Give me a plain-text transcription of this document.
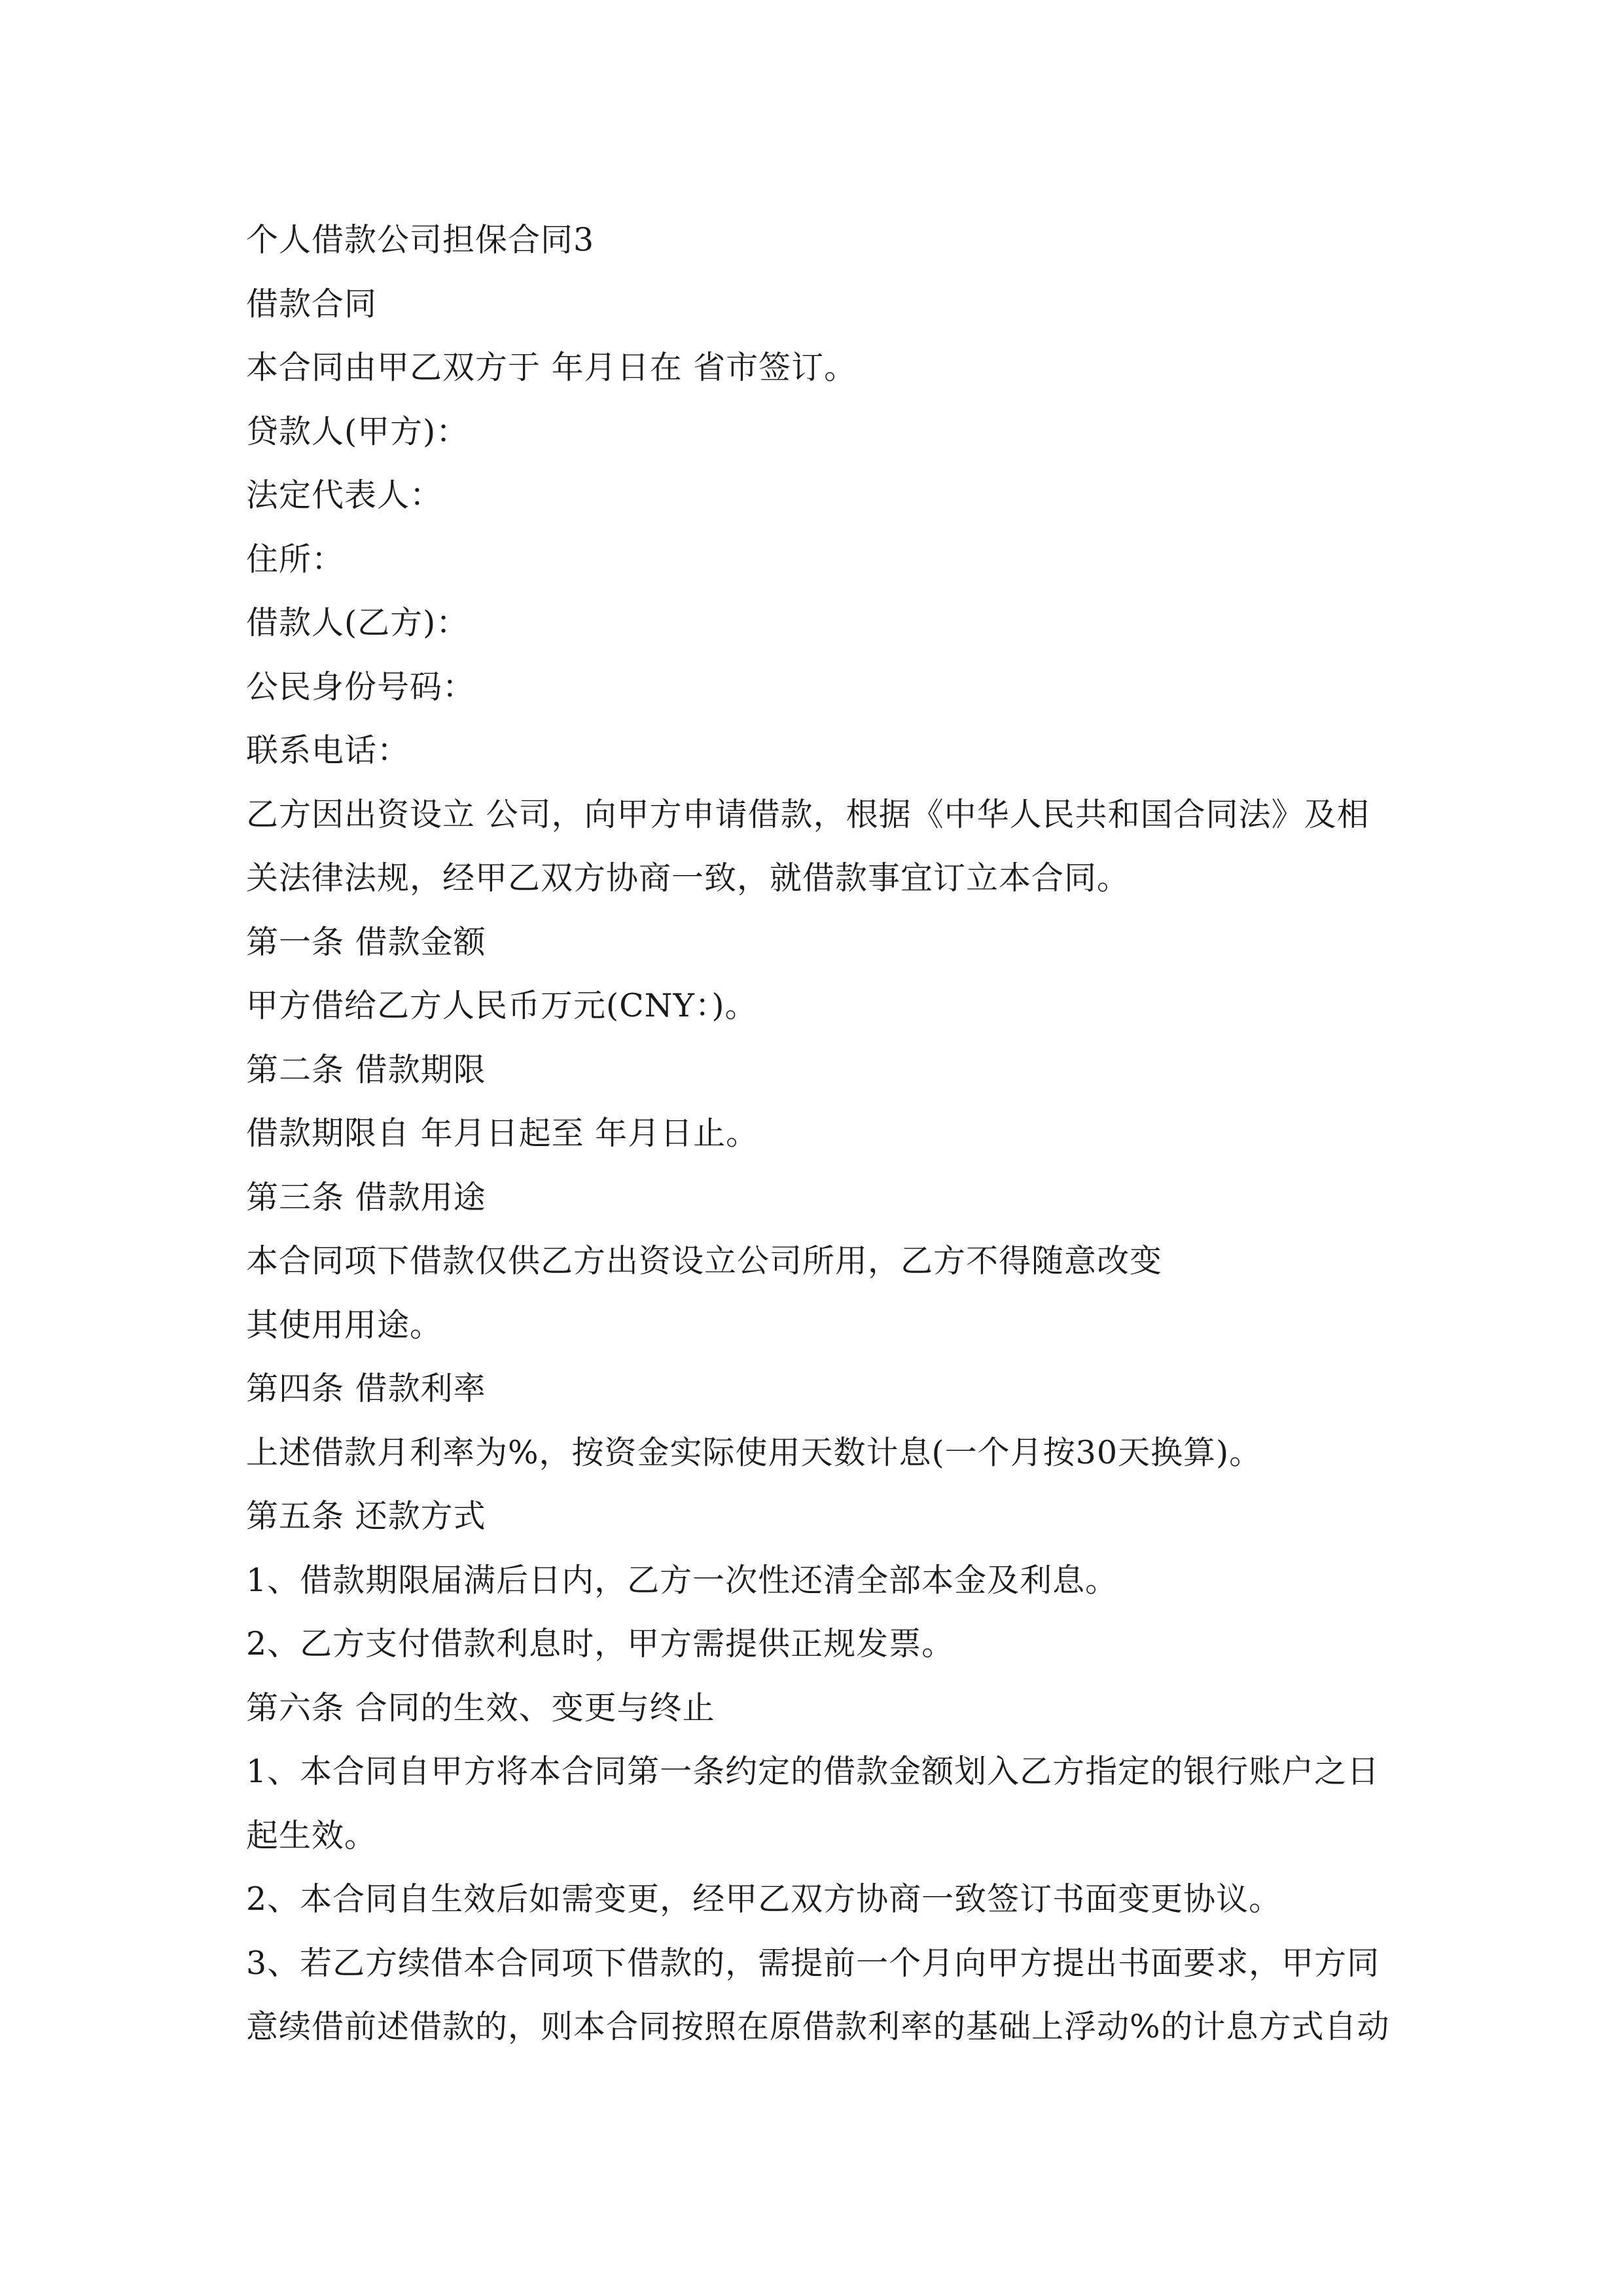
个人借款公司担保合同3
借款合同
本合同由甲乙双方于 年月日在 省市签订。
贷款人(甲方)：
法定代表人：
住所：
借款人(乙方)：
公民身份号码：
联系电话：
乙方因出资设立 公司，向甲方申请借款，根据《中华人民共和国合同法》及相
关法律法规，经甲乙双方协商一致，就借款事宜订立本合同。
第一条 借款金额
甲方借给乙方人民币万元(CNY：)。
第二条 借款期限
借款期限自 年月日起至 年月日止。
第三条 借款用途
本合同项下借款仅供乙方出资设立公司所用，乙方不得随意改变
其使用用途。
第四条 借款利率
上述借款月利率为%，按资金实际使用天数计息(一个月按30天换算)。
第五条 还款方式
1、借款期限届满后日内，乙方一次性还清全部本金及利息。
2、乙方支付借款利息时，甲方需提供正规发票。
第六条 合同的生效、变更与终止
1、本合同自甲方将本合同第一条约定的借款金额划入乙方指定的银行账户之日
起生效。
2、本合同自生效后如需变更，经甲乙双方协商一致签订书面变更协议。
3、若乙方续借本合同项下借款的，需提前一个月向甲方提出书面要求，甲方同
意续借前述借款的，则本合同按照在原借款利率的基础上浮动%的计息方式自动
